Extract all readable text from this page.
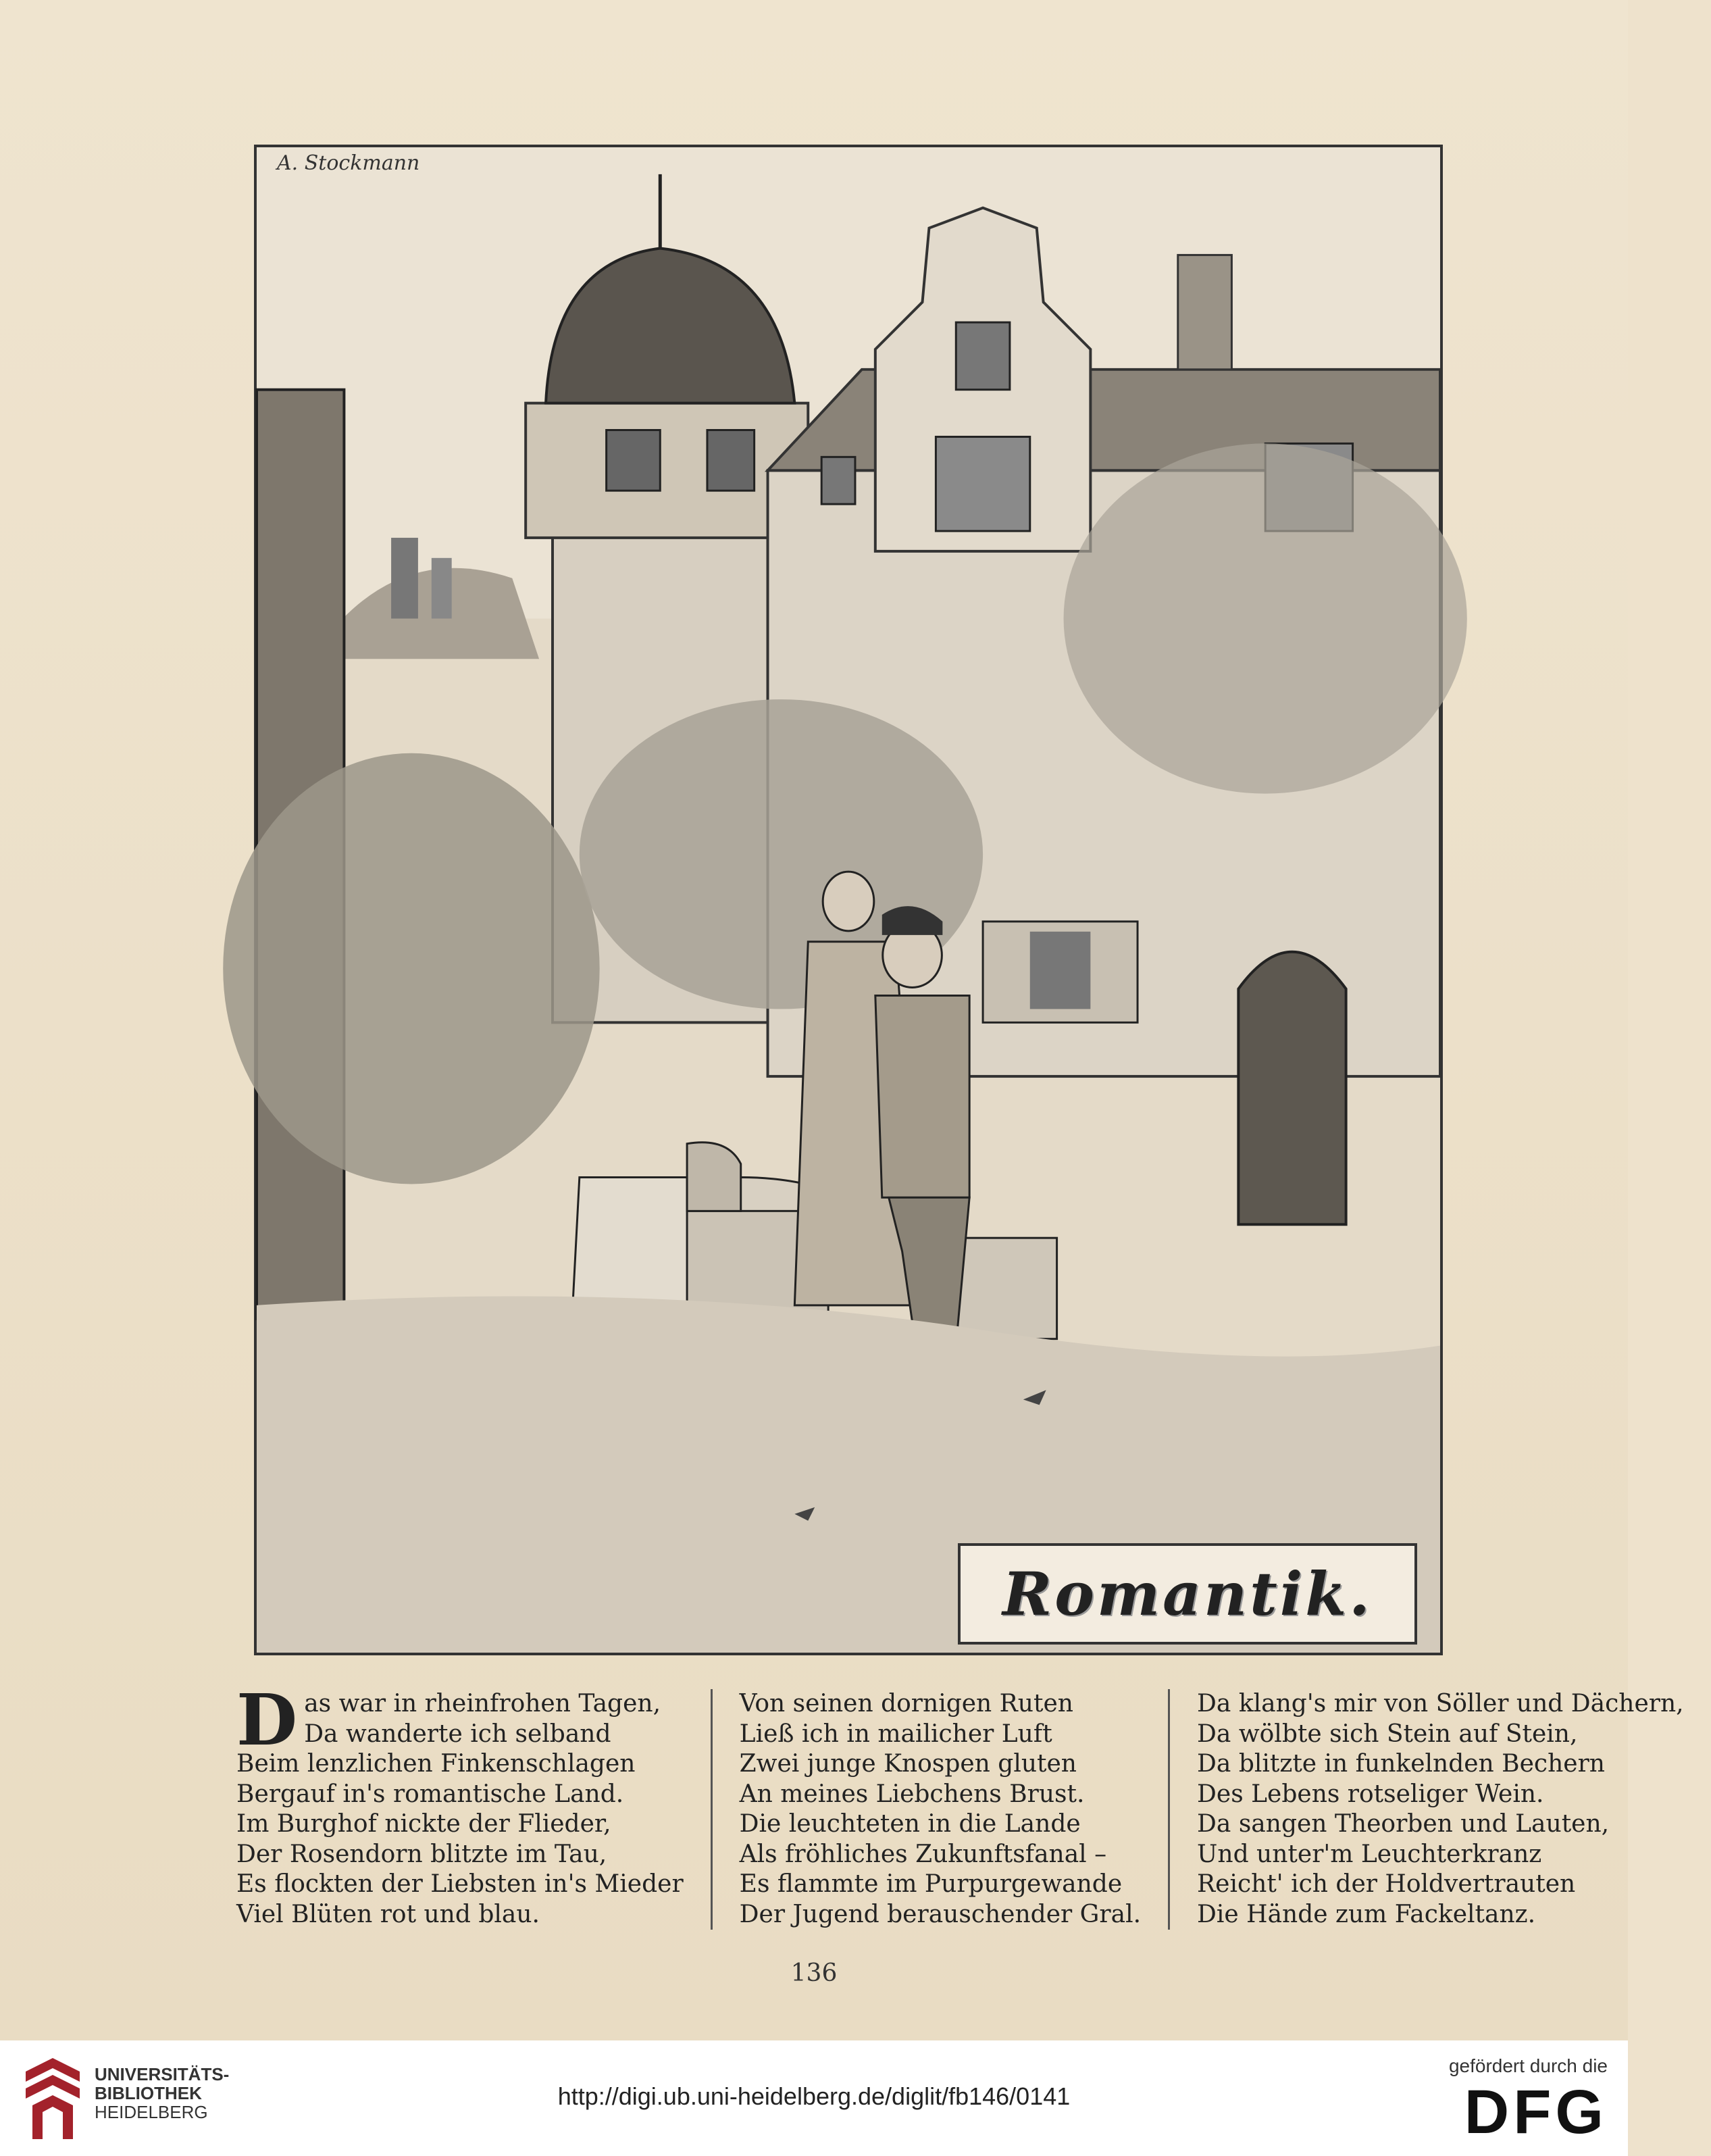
A. Stockmann
Romantik.
D as war in rheinfrohen Tagen,
Da wanderte ich selband
Beim lenzlichen Finkenschlagen
Bergauf in's romantische Land.
Im Burghof nickte der Flieder,
Der Rosendorn blitzte im Tau,
Es flockten der Liebsten in's Mieder
Viel Blüten rot und blau.
Von seinen dornigen Ruten
Ließ ich in mailicher Luft
Zwei junge Knospen gluten
An meines Liebchens Brust.
Die leuchteten in die Lande
Als fröhliches Zukunftsfanal –
Es flammte im Purpurgewande
Der Jugend berauschender Gral.
Da klang's mir von Söller und Dächern,
Da wölbte sich Stein auf Stein,
Da blitzte in funkelnden Bechern
Des Lebens rotseliger Wein.
Da sangen Theorben und Lauten,
Und unter'm Leuchterkranz
Reicht' ich der Holdvertrauten
Die Hände zum Fackeltanz.
136
UNIVERSITÄTS-
BIBLIOTHEK
HEIDELBERG
http://digi.ub.uni-heidelberg.de/diglit/fb146/0141
gefördert durch die
DFG
